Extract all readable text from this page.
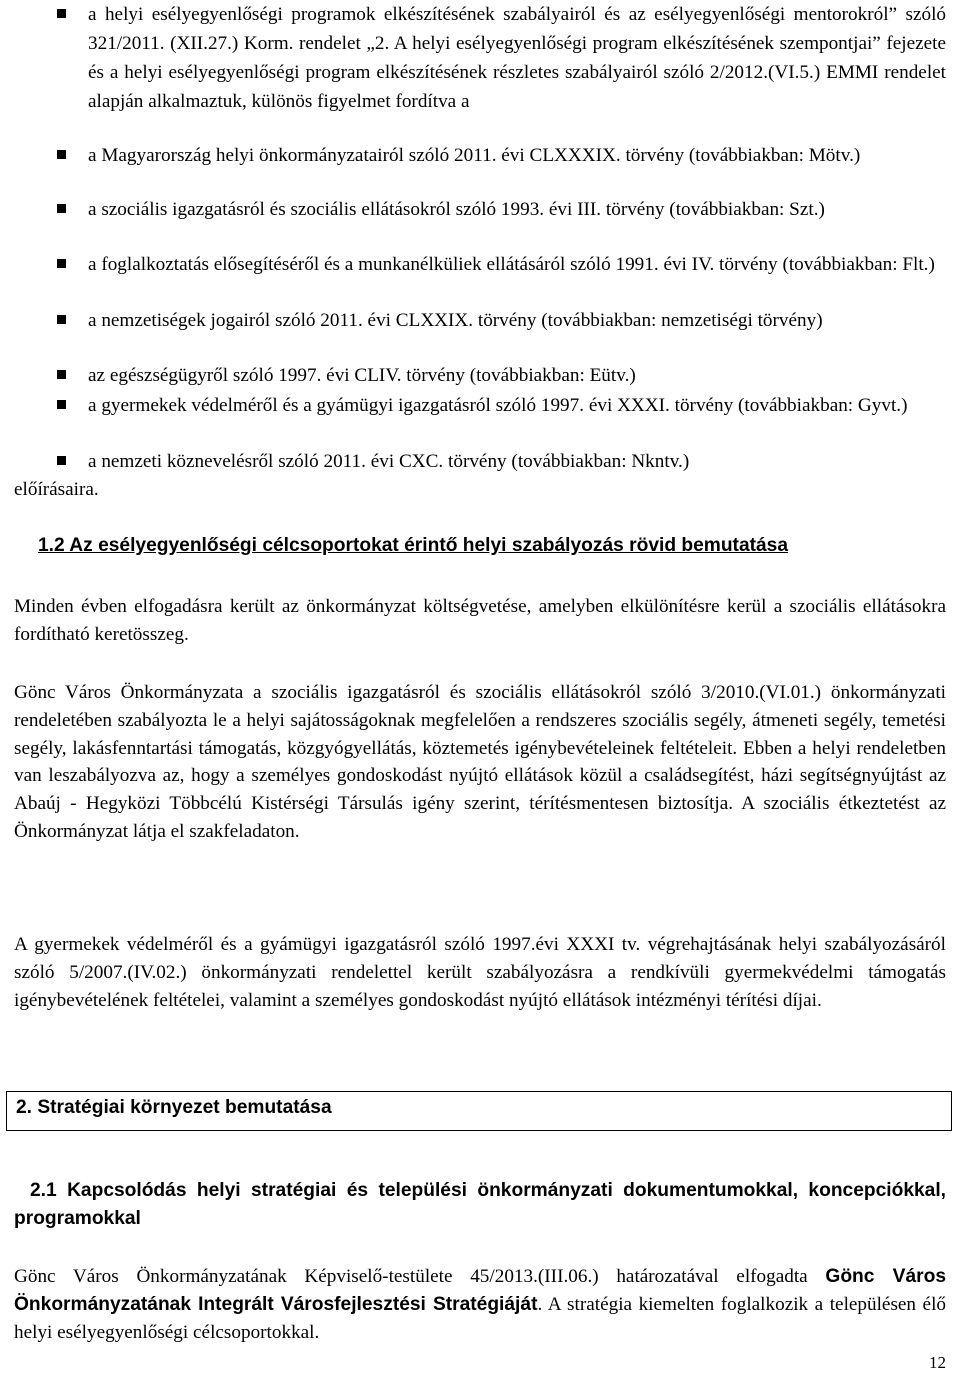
a helyi esélyegyenlőségi programok elkészítésének szabályairól és az esélyegyenlőségi mentorokról” szóló 321/2011. (XII.27.) Korm. rendelet „2. A helyi esélyegyenlőségi program elkészítésének szempontjai” fejezete és a helyi esélyegyenlőségi program elkészítésének részletes szabályairól szóló 2/2012.(VI.5.) EMMI rendelet alapján alkalmaztuk, különös figyelmet fordítva a
a Magyarország helyi önkormányzatairól szóló 2011. évi CLXXXIX. törvény (továbbiakban: Mötv.)
a szociális igazgatásról és szociális ellátásokról szóló 1993. évi III. törvény (továbbiakban: Szt.)
a foglalkoztatás elősegítéséről és a munkanélküliek ellátásáról szóló 1991. évi IV. törvény (továbbiakban: Flt.)
a nemzetiségek jogairól szóló 2011. évi CLXXIX. törvény (továbbiakban: nemzetiségi törvény)
az egészségügyről szóló 1997. évi CLIV. törvény (továbbiakban: Eütv.)
a gyermekek védelméről és a gyámügyi igazgatásról szóló 1997. évi XXXI. törvény (továbbiakban: Gyvt.)
a nemzeti köznevelésről szóló 2011. évi CXC. törvény (továbbiakban: Nkntv.)
előírásaira.
1.2 Az esélyegyenlőségi célcsoportokat érintő helyi szabályozás rövid bemutatása
Minden évben elfogadásra került az önkormányzat költségvetése, amelyben elkülönítésre kerül a szociális ellátásokra fordítható keretösszeg.
Gönc Város Önkormányzata a szociális igazgatásról és szociális ellátásokról szóló 3/2010.(VI.01.) önkormányzati rendeletében szabályozta le a helyi sajátosságoknak megfelelően a rendszeres szociális segély, átmeneti segély, temetési segély, lakásfenntartási támogatás, közgyógyellátás, köztemetés igénybevételeinek feltételeit. Ebben a helyi rendeletben van leszabályozva az, hogy a személyes gondoskodást nyújtó ellátások közül a családsegítést, házi segítségnyújtást az Abaúj - Hegyközi Többcélú Kistérségi Társulás igény szerint, térítésmentesen biztosítja. A szociális étkeztetést az Önkormányzat látja el szakfeladaton.
A gyermekek védelméről és a gyámügyi igazgatásról szóló 1997.évi XXXI tv. végrehajtásának helyi szabályozásáról szóló 5/2007.(IV.02.) önkormányzati rendelettel került szabályozásra a rendkívüli gyermekvédelmi támogatás igénybevételének feltételei, valamint a személyes gondoskodást nyújtó ellátások intézményi térítési díjai.
2. Stratégiai környezet bemutatása
2.1 Kapcsolódás helyi stratégiai és települési önkormányzati dokumentumokkal, koncepciókkal, programokkal
Gönc Város Önkormányzatának Képviselő-testülete 45/2013.(III.06.) határozatával elfogadta Gönc Város Önkormányzatának Integrált Városfejlesztési Stratégiáját. A stratégia kiemelten foglalkozik a településen élő helyi esélyegyenlőségi célcsoportokkal.
12
